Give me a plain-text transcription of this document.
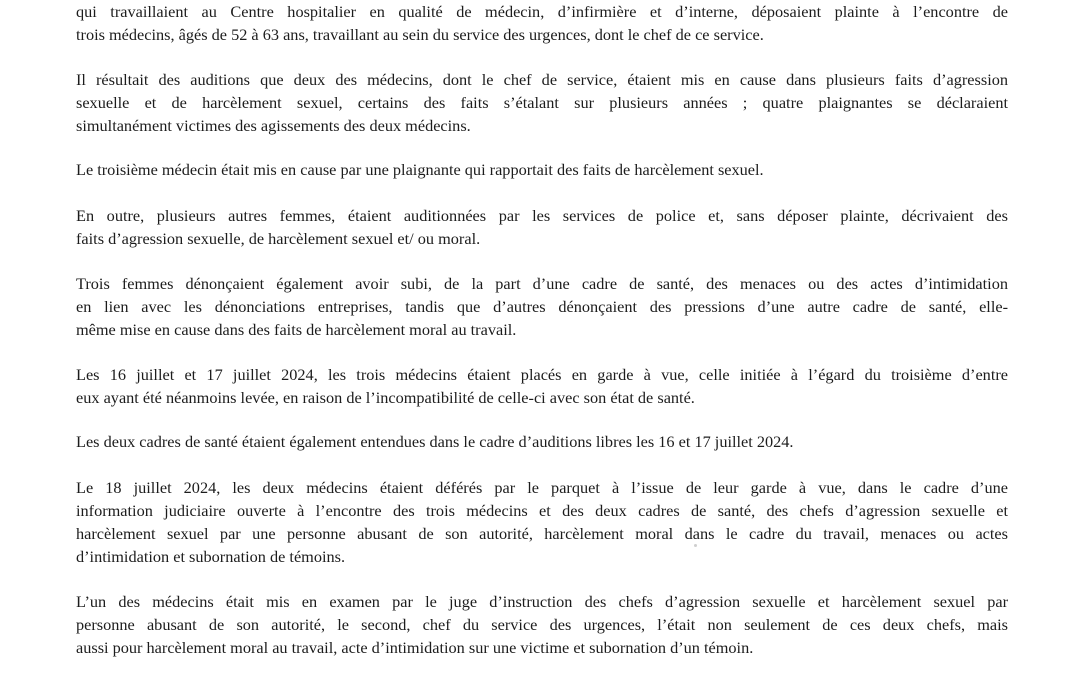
qui travaillaient au Centre hospitalier en qualité de médecin, d’infirmière et d’interne, déposaient plainte à l’encontre de
trois médecins, âgés de 52 à 63 ans, travaillant au sein du service des urgences, dont le chef de ce service.

Il résultait des auditions que deux des médecins, dont le chef de service, étaient mis en cause dans plusieurs faits d’agression
sexuelle et de harcèlement sexuel, certains des faits s’étalant sur plusieurs années ; quatre plaignantes se déclaraient
simultanément victimes des agissements des deux médecins.

Le troisième médecin était mis en cause par une plaignante qui rapportait des faits de harcèlement sexuel.

En outre, plusieurs autres femmes, étaient auditionnées par les services de police et, sans déposer plainte, décrivaient des
faits d’agression sexuelle, de harcèlement sexuel et/ ou moral.

Trois femmes dénonçaient également avoir subi, de la part d’une cadre de santé, des menaces ou des actes d’intimidation
en lien avec les dénonciations entreprises, tandis que d’autres dénonçaient des pressions d’une autre cadre de santé, elle-
même mise en cause dans des faits de harcèlement moral au travail.

Les 16 juillet et 17 juillet 2024, les trois médecins étaient placés en garde à vue, celle initiée à l’égard du troisième d’entre
eux ayant été néanmoins levée, en raison de l’incompatibilité de celle-ci avec son état de santé.

Les deux cadres de santé étaient également entendues dans le cadre d’auditions libres les 16 et 17 juillet 2024.

Le 18 juillet 2024, les deux médecins étaient déférés par le parquet à l’issue de leur garde à vue, dans le cadre d’une
information judiciaire ouverte à l’encontre des trois médecins et des deux cadres de santé, des chefs d’agression sexuelle et
harcèlement sexuel par une personne abusant de son autorité, harcèlement moral dans le cadre du travail, menaces ou actes
d’intimidation et subornation de témoins.

L’un des médecins était mis en examen par le juge d’instruction des chefs d’agression sexuelle et harcèlement sexuel par
personne abusant de son autorité, le second, chef du service des urgences, l’était non seulement de ces deux chefs, mais
aussi pour harcèlement moral au travail, acte d’intimidation sur une victime et subornation d’un témoin.
